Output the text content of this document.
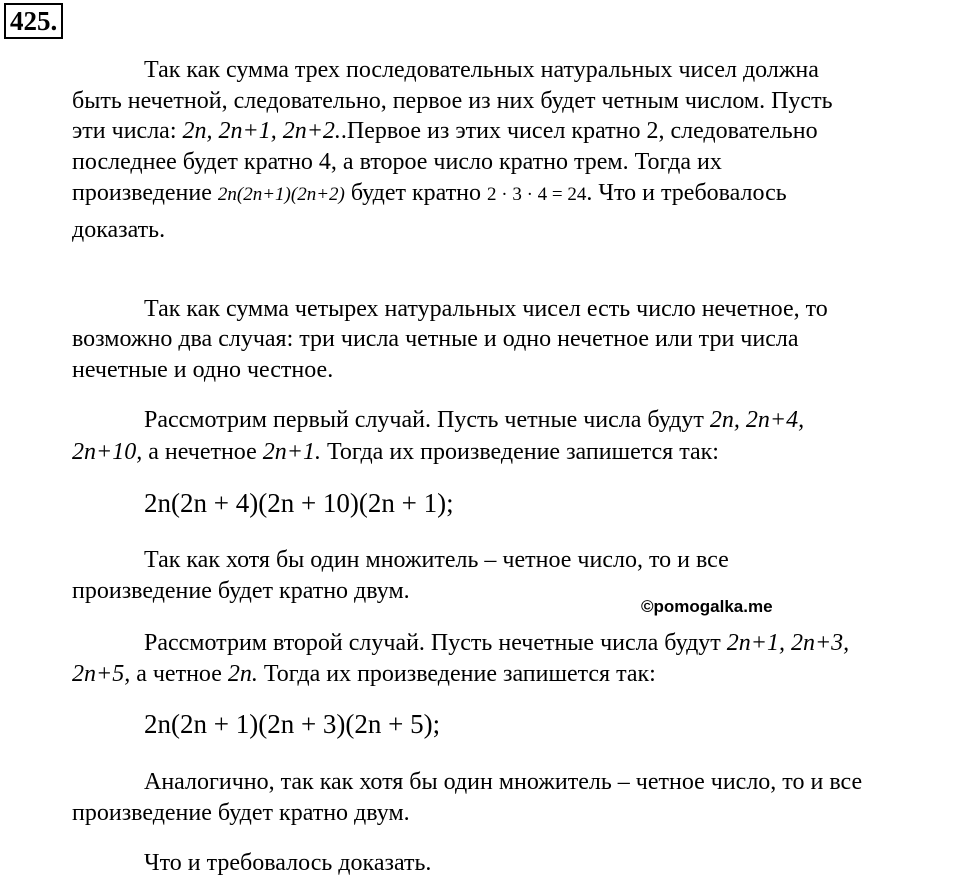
425.
Так как сумма трех последовательных натуральных чисел должна
быть нечетной, следовательно, первое из них будет четным числом. Пусть
эти числа: 2n, 2n+1, 2n+2..Первое из этих чисел кратно 2, следовательно
последнее будет кратно 4, а второе число кратно трем. Тогда их
произведение 2n(2n+1)(2n+2) будет кратно 2 · 3 · 4 = 24. Что и требовалось
доказать.
Так как сумма четырех натуральных чисел есть число нечетное, то
возможно два случая: три числа четные и одно нечетное или три числа
нечетные и одно честное.
Рассмотрим первый случай. Пусть четные числа будут 2n, 2n+4,
2n+10, а нечетное 2n+1. Тогда их произведение запишется так:
2n(2n + 4)(2n + 10)(2n + 1);
Так как хотя бы один множитель – четное число, то и все
произведение будет кратно двум.
©pomogalka.me
Рассмотрим второй случай. Пусть нечетные числа будут 2n+1, 2n+3,
2n+5, а четное 2n. Тогда их произведение запишется так:
2n(2n + 1)(2n + 3)(2n + 5);
Аналогично, так как хотя бы один множитель – четное число, то и все
произведение будет кратно двум.
Что и требовалось доказать.
